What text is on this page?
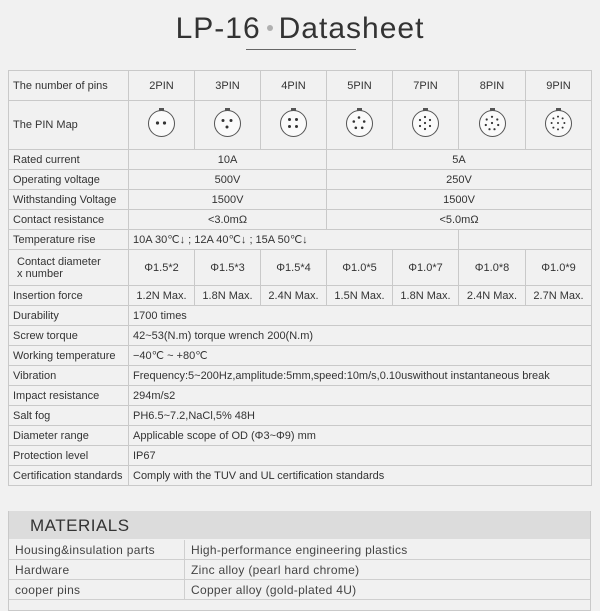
LP-16 Datasheet
The number of pins	2PIN	3PIN	4PIN	5PIN	7PIN	8PIN	9PIN
The PIN Map	

Rated current	10A			5A			
Operating voltage	500V			250V			
Withstanding Voltage	1500V			1500V			
Contact resistance	<3.0mΩ			<5.0mΩ			
Temperature rise	10A 30℃↓ ; 12A 40℃↓ ; 15A 50℃↓						

Contact diameter
x number	Φ1.5*2	Φ1.5*3	Φ1.5*4	Φ1.0*5	Φ1.0*7	Φ1.0*8	Φ1.0*9
Insertion force	1.2N Max.	1.8N Max.	2.4N Max.	1.5N Max.	1.8N Max.	2.4N Max.	2.7N Max.
Durability	1700 times						
Screw torque	42~53(N.m) torque wrench 200(N.m)						
Working temperature	−40℃ ~ +80℃						
Vibration	Frequency:5~200Hz,amplitude:5mm,speed:10m/s,0.10uswithout instantaneous break						
Impact resistance	294m/s2						
Salt fog	PH6.5~7.2,NaCl,5% 48H						
Diameter range	Applicable scope of OD (Φ3~Φ9) mm						
Protection level	IP67						
Certification standards	Comply with the TUV and UL certification standards						
MATERIALS
Housing&insulation parts	High-performance engineering plastics
Hardware	Zinc alloy (pearl hard chrome)
cooper pins	Copper alloy (gold-plated 4U)
